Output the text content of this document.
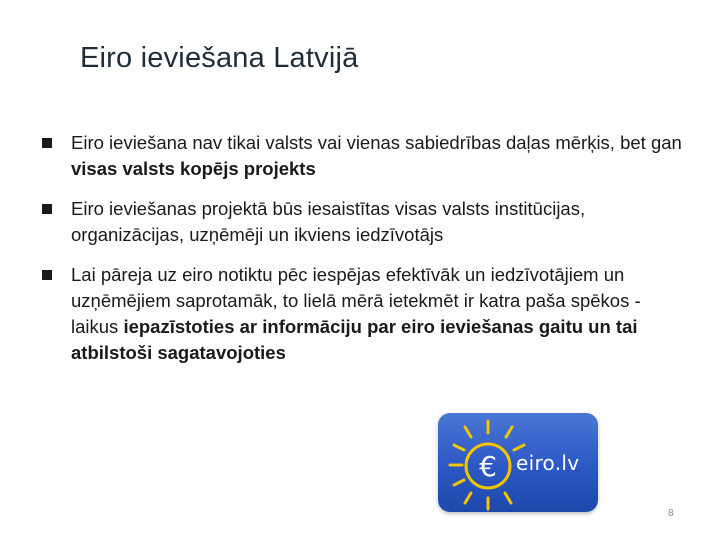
Eiro ieviešana Latvijā
Eiro ieviešana nav tikai valsts vai vienas sabiedrības daļas mērķis, bet gan visas valsts kopējs projekts
Eiro ieviešanas projektā būs iesaistītas visas valsts institūcijas, organizācijas, uzņēmēji un ikviens iedzīvotājs
Lai pāreja uz eiro notiktu pēc iespējas efektīvāk un iedzīvotājiem un uzņēmējiem saprotamāk, to lielā mērā ietekmēt ir katra paša spēkos - laikus iepazīstoties ar informāciju par eiro ieviešanas gaitu un tai atbilstoši sagatavojoties
€ eiro.lv
8
